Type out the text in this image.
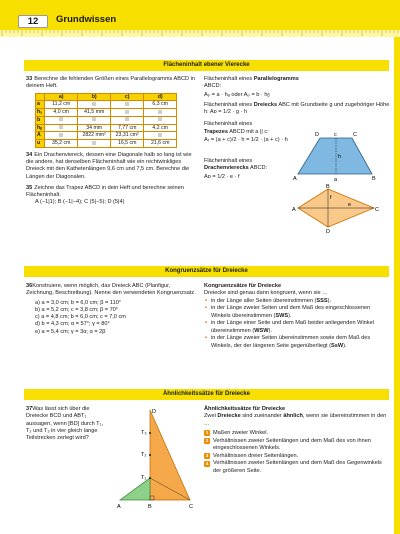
12	Grundwissen
Flächeninhalt ebener Vierecke
33 Berechne die fehlenden Größen eines Parallelogramms ABCD in deinem Heft.
	a)	b)	c)	d)
a	11,2 cm			6,3 cm
hₐ	4,0 cm	41,5 mm		
b				
hᵦ		34 mm	7,77 cm	4,2 cm
A		2822 mm²	23,31 cm²	
u	35,2 cm		16,5 cm	21,6 cm
34 Ein Drachenviereck, dessen eine Diagonale halb so lang ist wie die andere, hat denselben Flächeninhalt wie ein rechtwinkliges Dreieck mit den Kathetenlängen 9,6 cm und 7,5 cm. Berechne die Längen der Diagonalen.
35 Zeichne das Trapez ABCD in dein Heft und berechne seinen Flächeninhalt.
A (−1|1); B (−1|−4); C (5|−5); D (5|4)
Flächeninhalt eines Parallelogramms ABCD:
Aₚ = a · hₐ oder Aₚ = b · hᵦ
Flächeninhalt eines Dreiecks ABC mit Grundseite g und zugehöriger Höhe h: Aᴅ = 1/2 · g · h
Flächeninhalt eines
Trapezes ABCD mit a || c:
Aₜ = (a + c)/2 · h = 1/2 · (a + c) · h
Flächeninhalt eines
Drachenvierecks ABCD:
Aᴅ = 1/2 · e · f	A	B
C
D
a
c
h
A
B
C
D
e
f
Kongruenzsätze für Dreiecke
36Konstruiere, wenn möglich, das Dreieck ABC (Planfigur, Zeichnung, Beschreibung). Nenne den verwendeten Kongruenzsatz.
a) a = 3,0 cm; b = 6,0 cm; β = 110°
b) a = 5,2 cm; c = 3,8 cm; β = 70°
c) a = 4,8 cm; b = 6,0 cm; c = 7,0 cm
d) b = 4,3 cm; α = 57°; γ = 80°
e) a = 5,4 cm; γ = 3α; α = 2β
Kongruenzsätze für Dreiecke
Dreiecke sind genau dann kongruent, wenn sie …
• in der Länge aller Seiten übereinstimmen (SSS).
• in der Länge zweier Seiten und dem Maß des eingeschlossenen Winkels übereinstimmen (SWS).
• in der Länge einer Seite und dem Maß beider anliegenden Winkel übereinstimmen (WSW).
• in der Länge zweier Seiten übereinstimmen sowie dem Maß des Winkels, der der längeren Seite gegenüberliegt (SsW).
Ähnlichkeitssätze für Dreiecke
37Was lässt sich über die Dreiecke BCD und ABT₁ aussagen, wenn [BD] durch T₁, T₂ und T₃ in vier gleich lange Teilstrecken zerlegt wird?
A	B	C
D
T₁
T₂
T₃
Ähnlichkeitssätze für Dreiecke
Zwei Dreiecke sind zueinander ähnlich, wenn sie übereinstimmen in den …
1 Maßen zweier Winkel.
2 Verhältnissen zweier Seitenlängen und dem Maß des von ihnen eingeschlossenen Winkels.
3 Verhältnissen dreier Seitenlängen.
4 Verhältnissen zweier Seitenlängen und dem Maß des Gegenwinkels der größeren Seite.
